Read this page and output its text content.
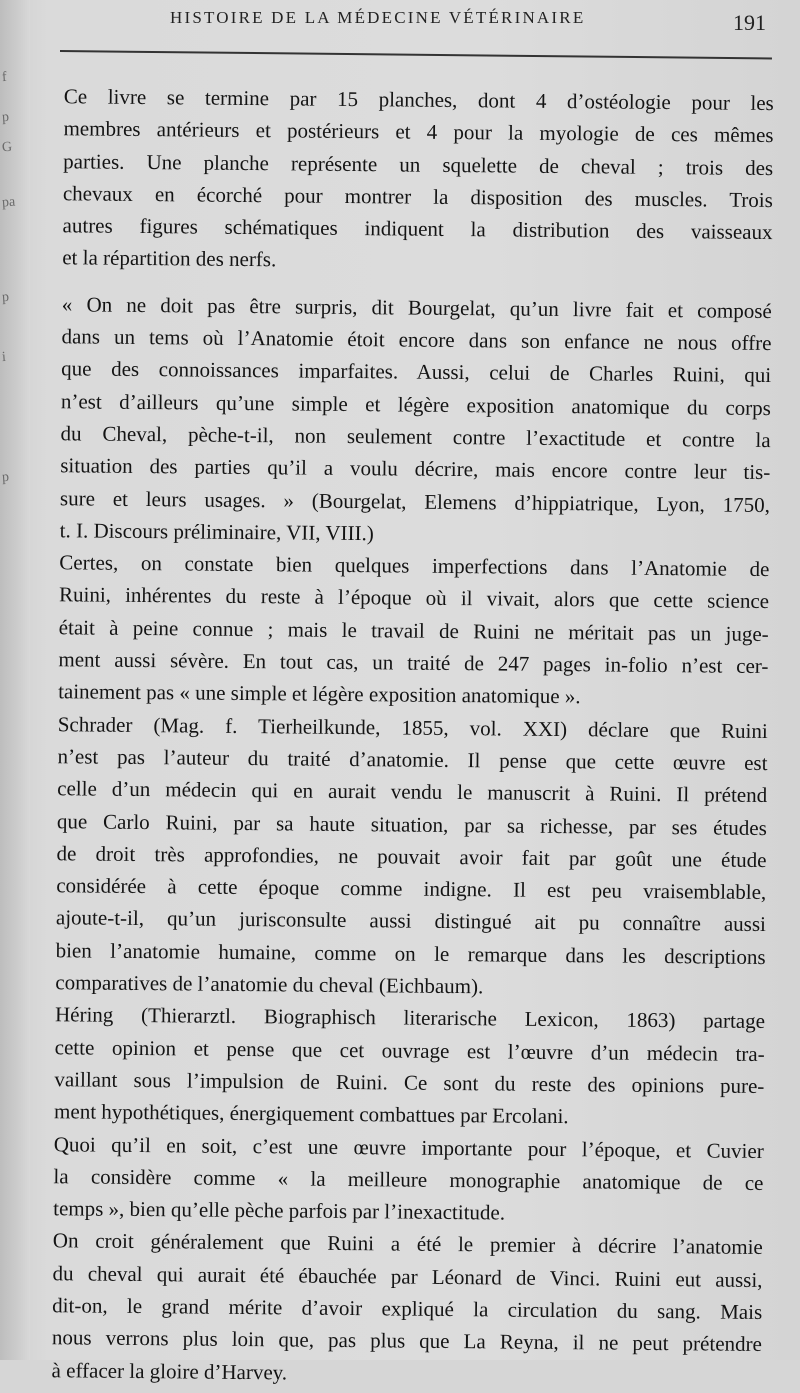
f
p
G
pa
p
i
p
HISTOIRE DE LA MÉDECINE VÉTÉRINAIRE	191

Ce livre se termine par 15 planches, dont 4 d’ostéologie pour les
membres antérieurs et postérieurs et 4 pour la myologie de ces mêmes
parties. Une planche représente un squelette de cheval ; trois des
chevaux en écorché pour montrer la disposition des muscles. Trois
autres figures schématiques indiquent la distribution des vaisseaux
et la répartition des nerfs.

« On ne doit pas être surpris, dit Bourgelat, qu’un livre fait et composé
dans un tems où l’Anatomie étoit encore dans son enfance ne nous offre
que des connoissances imparfaites. Aussi, celui de Charles Ruini, qui
n’est d’ailleurs qu’une simple et légère exposition anatomique du corps
du Cheval, pèche-t-il, non seulement contre l’exactitude et contre la
situation des parties qu’il a voulu décrire, mais encore contre leur tis-
sure et leurs usages. » (Bourgelat, Elemens d’hippiatrique, Lyon, 1750,
t. I. Discours préliminaire, VII, VIII.)

Certes, on constate bien quelques imperfections dans l’Anatomie de
Ruini, inhérentes du reste à l’époque où il vivait, alors que cette science
était à peine connue ; mais le travail de Ruini ne méritait pas un juge-
ment aussi sévère. En tout cas, un traité de 247 pages in-folio n’est cer-
tainement pas « une simple et légère exposition anatomique ».

Schrader (Mag. f. Tierheilkunde, 1855, vol. XXI) déclare que Ruini
n’est pas l’auteur du traité d’anatomie. Il pense que cette œuvre est
celle d’un médecin qui en aurait vendu le manuscrit à Ruini. Il prétend
que Carlo Ruini, par sa haute situation, par sa richesse, par ses études
de droit très approfondies, ne pouvait avoir fait par goût une étude
considérée à cette époque comme indigne. Il est peu vraisemblable,
ajoute-t-il, qu’un jurisconsulte aussi distingué ait pu connaître aussi
bien l’anatomie humaine, comme on le remarque dans les descriptions
comparatives de l’anatomie du cheval (Eichbaum).

Héring (Thierarztl. Biographisch literarische Lexicon, 1863) partage
cette opinion et pense que cet ouvrage est l’œuvre d’un médecin tra-
vaillant sous l’impulsion de Ruini. Ce sont du reste des opinions pure-
ment hypothétiques, énergiquement combattues par Ercolani.

Quoi qu’il en soit, c’est une œuvre importante pour l’époque, et Cuvier
la considère comme « la meilleure monographie anatomique de ce
temps », bien qu’elle pèche parfois par l’inexactitude.

On croit généralement que Ruini a été le premier à décrire l’anatomie
du cheval qui aurait été ébauchée par Léonard de Vinci. Ruini eut aussi,
dit-on, le grand mérite d’avoir expliqué la circulation du sang. Mais
nous verrons plus loin que, pas plus que La Reyna, il ne peut prétendre
à effacer la gloire d’Harvey.
